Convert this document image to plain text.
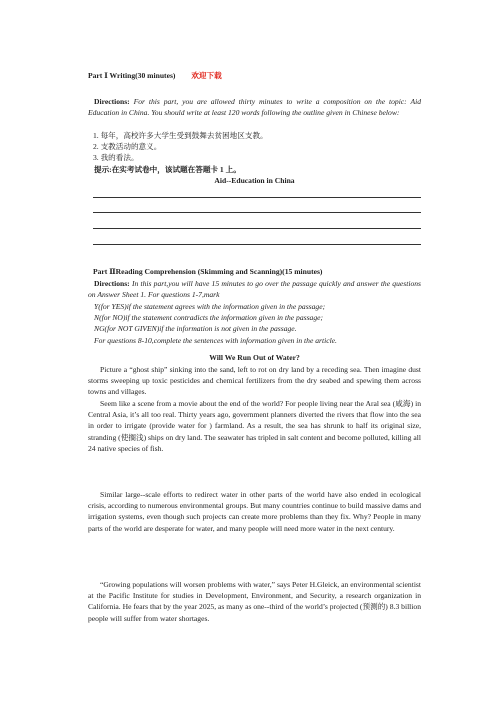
Part Ⅰ Writing(30 minutes) 欢迎下载
Directions: For this part, you are allowed thirty minutes to write a composition on the topic: Aid Education in China. You should write at least 120 words following the outline given in Chinese below:
1. 每年，高校许多大学生受到鼓舞去贫困地区支教。
2. 支教活动的意义。
3. 我的看法。
提示:在实考试卷中，该试题在答题卡 1 上。
Aid--Education in China
Part ⅡReading Comprehension (Skimming and Scanning)(15 minutes)
Directions: In this part,you will have 15 minutes to go over the passage quickly and answer the questions on Answer Sheet 1. For questions 1-7,mark
Y(for YES)if the statement agrees with the information given in the passage;
N(for NO)if the statement contradicts the information given in the passage;
NG(for NOT GIVEN)if the information is not given in the passage.
For questions 8-10,complete the sentences with information given in the article.
Will We Run Out of Water?
Picture a “ghost ship” sinking into the sand, left to rot on dry land by a receding sea. Then imagine dust storms sweeping up toxic pesticides and chemical fertilizers from the dry seabed and spewing them across towns and villages.
Seem like a scene from a movie about the end of the world? For people living near the Aral sea (咸海) in Central Asia, it’s all too real. Thirty years ago, government planners diverted the rivers that flow into the sea in order to irrigate (provide water for ) farmland. As a result, the sea has shrunk to half its original size, stranding (使搁浅) ships on dry land. The seawater has tripled in salt content and become polluted, killing all 24 native species of fish.
Similar large--scale efforts to redirect water in other parts of the world have also ended in ecological crisis, according to numerous environmental groups. But many countries continue to build massive dams and irrigation systems, even though such projects can create more problems than they fix. Why? People in many parts of the world are desperate for water, and many people will need more water in the next century.
“Growing populations will worsen problems with water,” says Peter H.Gleick, an environmental scientist at the Pacific Institute for studies in Development, Environment, and Security, a research organization in California. He fears that by the year 2025, as many as one--third of the world’s projected (预测的) 8.3 billion people will suffer from water shortages.
